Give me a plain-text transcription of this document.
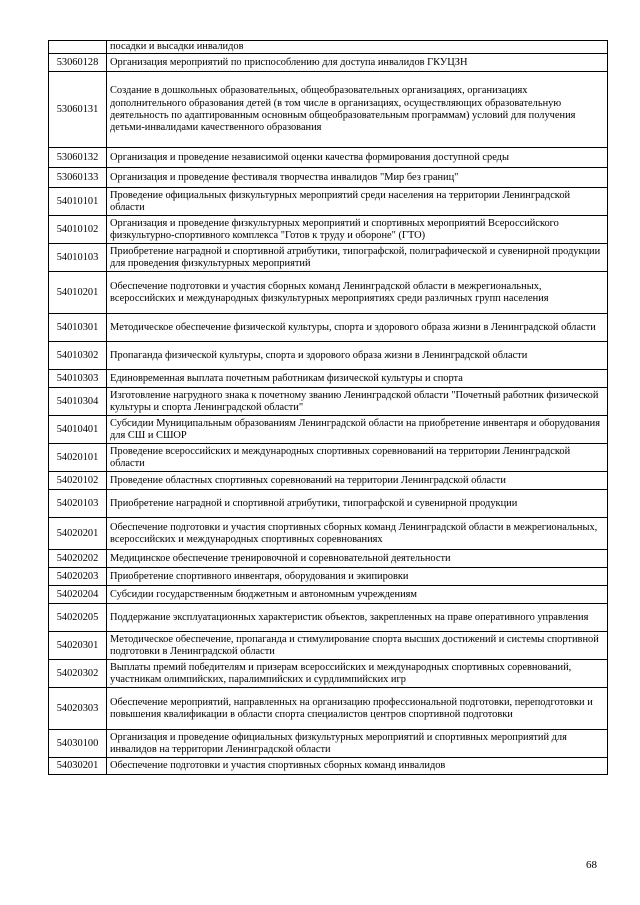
	посадки и высадки инвалидов
53060128	Организация мероприятий по приспособлению для доступа инвалидов ГКУЦЗН
53060131	Создание в дошкольных образовательных, общеобразовательных организациях, организациях дополнительного образования детей (в том числе в организациях, осуществляющих образовательную деятельность по адаптированным основным общеобразовательным программам) условий для получения детьми-инвалидами качественного образования
53060132	Организация и проведение независимой оценки качества формирования доступной среды
53060133	Организация и проведение фестиваля творчества инвалидов "Мир без границ"
54010101	Проведение официальных физкультурных мероприятий среди населения на территории Ленинградской области
54010102	Организация и проведение физкультурных мероприятий и спортивных мероприятий Всероссийского физкультурно-спортивного комплекса "Готов к труду и обороне" (ГТО)
54010103	Приобретение наградной и спортивной атрибутики, типографской, полиграфической и сувенирной продукции для проведения физкультурных мероприятий
54010201	Обеспечение подготовки и участия сборных команд Ленинградской области в межрегиональных, всероссийских и международных физкультурных мероприятиях среди различных групп населения
54010301	Методическое обеспечение физической культуры, спорта и здорового образа жизни в Ленинградской области
54010302	Пропаганда физической культуры, спорта и здорового образа жизни в Ленинградской области
54010303	Единовременная выплата почетным работникам физической культуры и спорта
54010304	Изготовление нагрудного знака к почетному званию Ленинградской области "Почетный работник физической культуры и спорта Ленинградской области"
54010401	Субсидии Муниципальным образованиям Ленинградской области на приобретение инвентаря и оборудования для СШ и СШОР
54020101	Проведение всероссийских и международных спортивных соревнований на территории Ленинградской области
54020102	Проведение областных спортивных соревнований на территории Ленинградской области
54020103	Приобретение наградной и спортивной атрибутики, типографской и сувенирной продукции
54020201	Обеспечение подготовки и участия спортивных сборных команд Ленинградской области в межрегиональных, всероссийских и международных спортивных соревнованиях
54020202	Медицинское обеспечение тренировочной и соревновательной деятельности
54020203	Приобретение спортивного инвентаря, оборудования и экипировки
54020204	Субсидии государственным бюджетным и автономным учреждениям
54020205	Поддержание эксплуатационных характеристик объектов, закрепленных на праве оперативного управления
54020301	Методическое обеспечение, пропаганда и стимулирование спорта высших достижений и системы спортивной подготовки в Ленинградской области
54020302	Выплаты премий победителям и призерам всероссийских и международных спортивных соревнований, участникам олимпийских, паралимпийских и сурдлимпийских игр
54020303	Обеспечение мероприятий, направленных на организацию профессиональной подготовки, переподготовки и повышения квалификации в области спорта специалистов центров спортивной подготовки
54030100	Организация и проведение официальных физкультурных мероприятий и спортивных мероприятий для инвалидов на территории Ленинградской области
54030201	Обеспечение подготовки и участия спортивных сборных команд инвалидов
68
